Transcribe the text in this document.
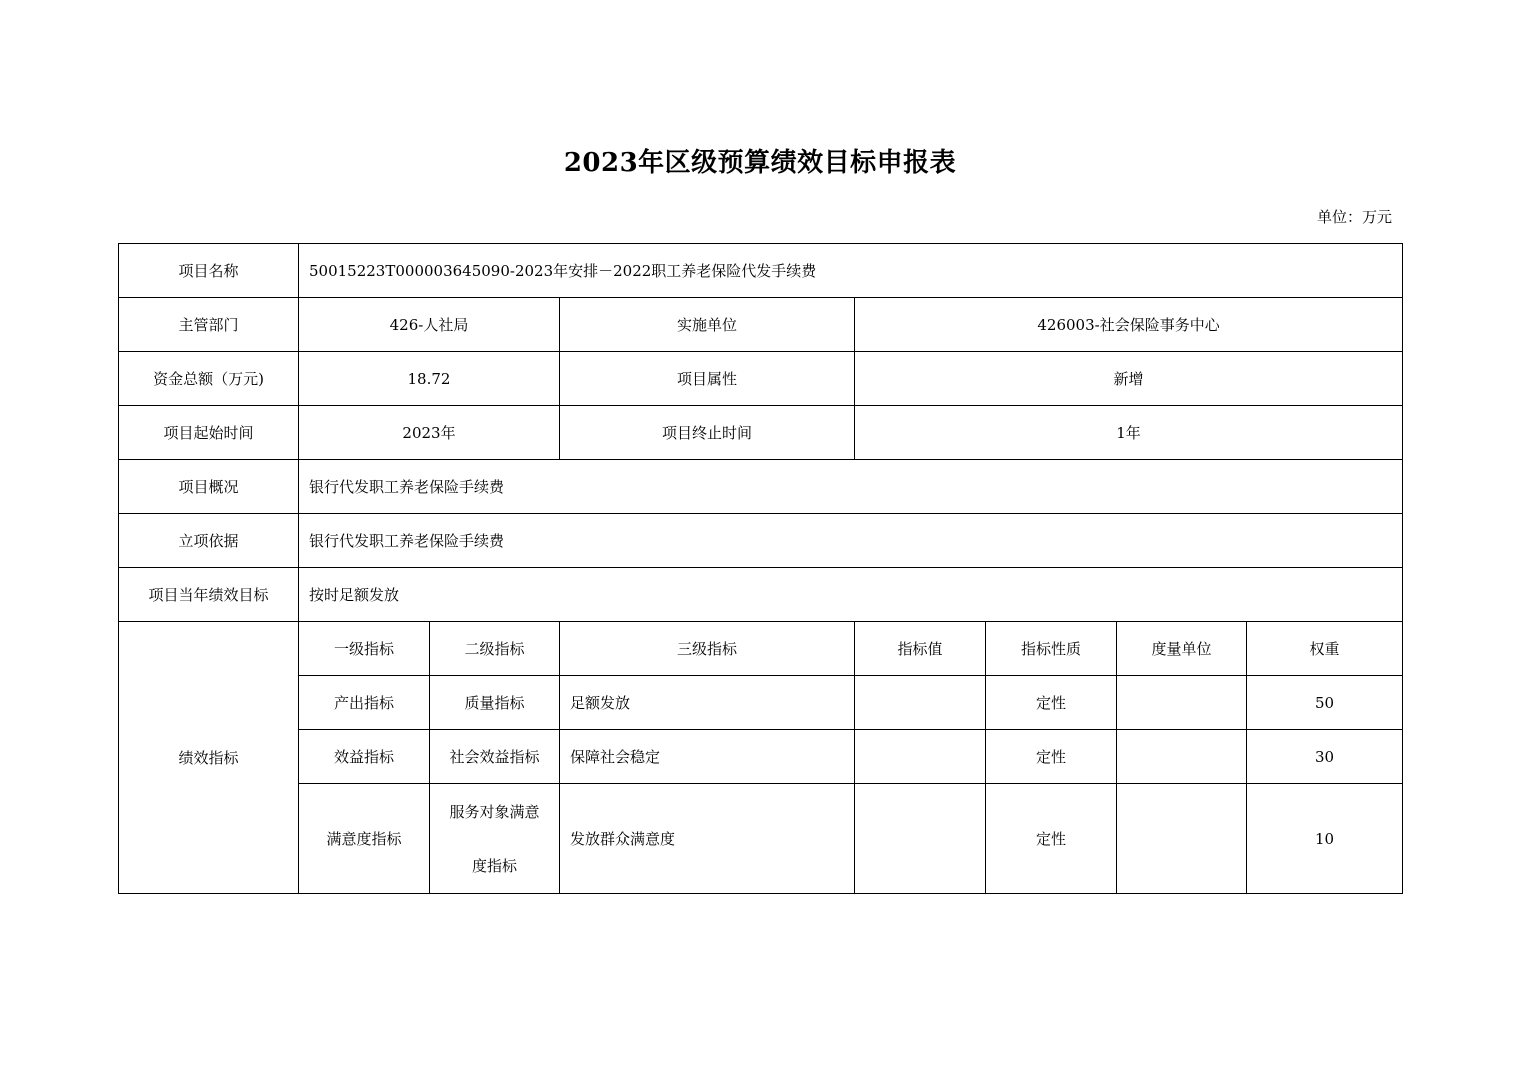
2023年区级预算绩效目标申报表
单位：万元
项目名称	50015223T000003645090-2023年安排－2022职工养老保险代发手续费						
主管部门	426-人社局		实施单位	426003-社会保险事务中心			
资金总额（万元)	18.72		项目属性	新增			
项目起始时间	2023年		项目终止时间	1年			
项目概况	银行代发职工养老保险手续费						
立项依据	银行代发职工养老保险手续费						
项目当年绩效目标	按时足额发放						
绩效指标	一级指标	二级指标	三级指标	指标值	指标性质	度量单位	权重
	产出指标	质量指标	足额发放		定性		50
	效益指标	社会效益指标	保障社会稳定		定性		30
	满意度指标	服务对象满意
度指标	发放群众满意度		定性		10
